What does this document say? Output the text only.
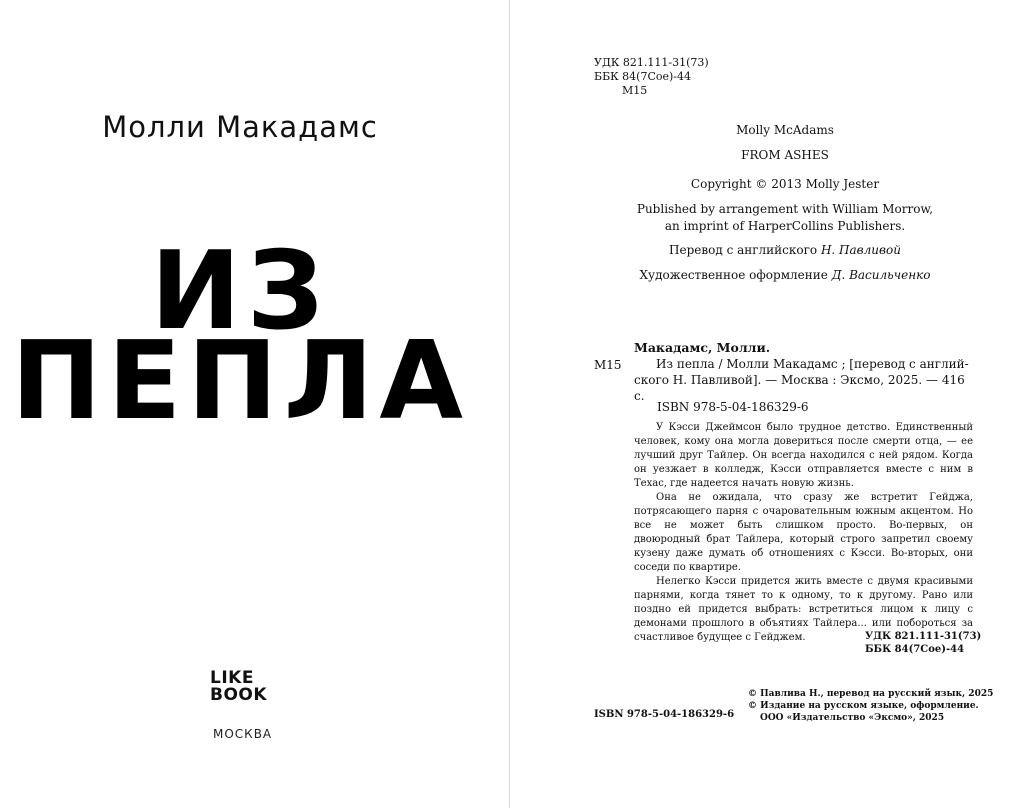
Молли Макадамс
ИЗ
ПЕПЛА
LIKE
BOOK
МОСКВА
УДК 821.111-31(73)
ББК 84(7Сое)-44
М15
Molly McAdams
FROM ASHES
Copyright © 2013 Molly Jester
Published by arrangement with William Morrow,
an imprint of HarperCollins Publishers.
Перевод с английского Н. Павливой
Художественное оформление Д. Васильченко
М15
Макадамс, Молли.

Из пепла / Молли Макадамс ; [перевод с англий-

ского Н. Павливой]. — Москва : Эксмо, 2025. — 416 с.
ISBN 978-5-04-186329-6

У Кэсси Джеймсон было трудное детство. Единственный человек, кому она могла довериться после смерти отца, — ее лучший друг Тайлер. Он всегда находился с ней рядом. Когда он уезжает в колледж, Кэсси отправляется вместе с ним в Техас, где надеется начать новую жизнь.

Она не ожидала, что сразу же встретит Гейджа, потрясающего парня с очаровательным южным акцентом. Но все не может быть слишком просто. Во-первых, он двоюродный брат Тайлера, который строго запретил своему кузену даже думать об отношениях с Кэсси. Во-вторых, они соседи по квартире.

Нелегко Кэсси придется жить вместе с двумя красивыми парнями, когда тянет то к одному, то к другому. Рано или поздно ей придется выбрать: встретиться лицом к лицу с демонами прошлого в объятиях Тайлера... или побороться за счастливое будущее с Гейджем.	УДК 821.111-31(73)
ББК 84(7Сое)-44
ISBN 978-5-04-186329-6
© Павлива Н., перевод на русский язык, 2025
© Издание на русском языке, оформление.
ООО «Издательство «Эксмо», 2025
